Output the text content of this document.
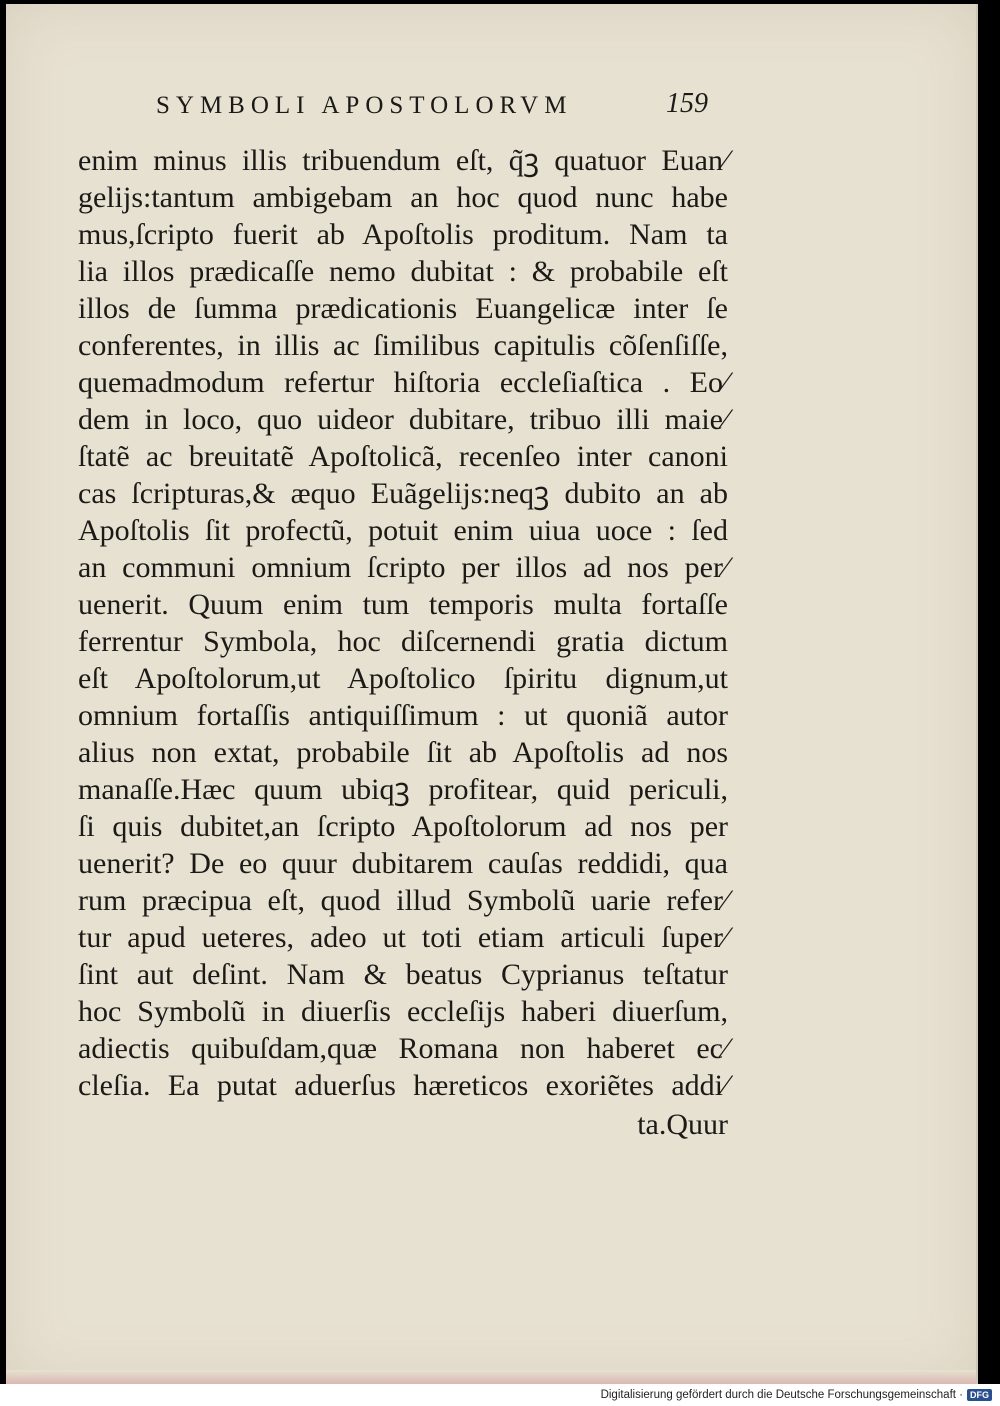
SYMBOLI APOSTOLORVM	159
enim minus illis tribuendum eſt, q̃ꝫ quatuor Euan⁄
gelijs:tantum ambigebam an hoc quod nunc habe
mus,ſcripto fuerit ab Apoſtolis proditum. Nam ta
lia illos prædicaſſe nemo dubitat : & probabile eſt
illos de ſumma prædicationis Euangelicæ inter ſe
conferentes, in illis ac ſimilibus capitulis cõſenſiſſe,
quemadmodum refertur hiſtoria eccleſiaſtica . Eo⁄
dem in loco, quo uideor dubitare, tribuo illi maie⁄
ſtatẽ ac breuitatẽ Apoſtolicã, recenſeo inter canoni
cas ſcripturas,& æquo Euãgelijs:neqꝫ dubito an ab
Apoſtolis ſit profectũ, potuit enim uiua uoce : ſed
an communi omnium ſcripto per illos ad nos per⁄
uenerit. Quum enim tum temporis multa fortaſſe
ferrentur Symbola, hoc diſcernendi gratia dictum
eſt Apoſtolorum,ut Apoſtolico ſpiritu dignum,ut
omnium fortaſſis antiquiſſimum : ut quoniã autor
alius non extat, probabile ſit ab Apoſtolis ad nos
manaſſe.Hæc quum ubiqꝫ profitear, quid periculi,
ſi quis dubitet,an ſcripto Apoſtolorum ad nos per
uenerit? De eo quur dubitarem cauſas reddidi, qua
rum præcipua eſt, quod illud Symbolũ uarie refer⁄
tur apud ueteres, adeo ut toti etiam articuli ſuper⁄
ſint aut deſint. Nam & beatus Cyprianus teſtatur
hoc Symbolũ in diuerſis eccleſijs haberi diuerſum,
adiectis quibuſdam,quæ Romana non haberet ec⁄
cleſia. Ea putat aduerſus hæreticos exoriẽtes addi⁄
ta.Quur
Digitalisierung gefördert durch die Deutsche Forschungsgemeinschaft · DFG
